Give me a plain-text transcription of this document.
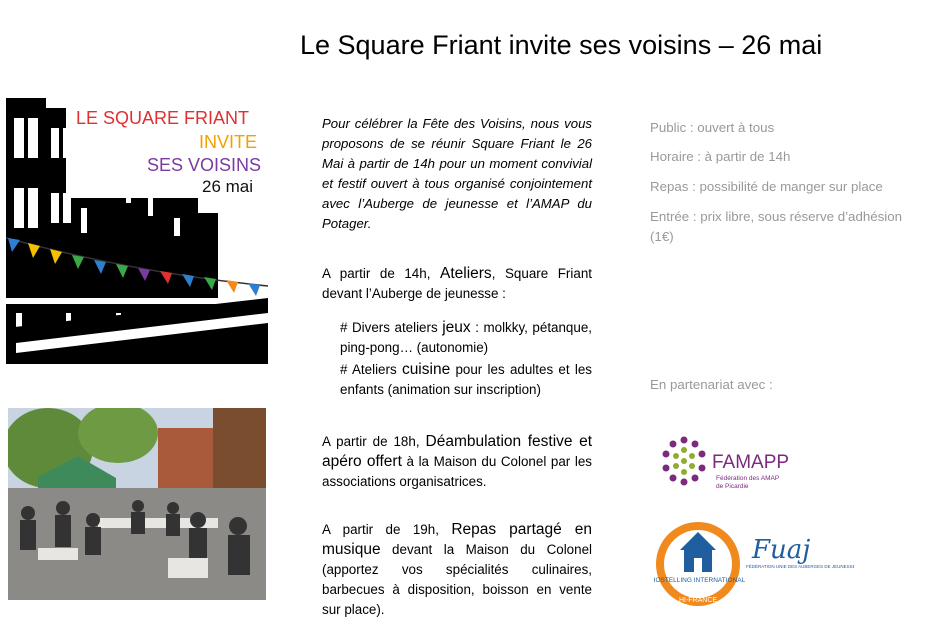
Le Square Friant invite ses voisins – 26 mai
LE SQUARE FRIANT
INVITE
SES VOISINS
26 mai
Pour célébrer la Fête des Voisins, nous vous proposons de se réunir Square Friant le 26 Mai à partir de 14h pour un moment convivial et festif ouvert à tous organisé conjointement avec l’Auberge de jeunesse et l’AMAP du Potager.
A partir de 14h, Ateliers, Square Friant devant l’Auberge de jeunesse :
# Divers ateliers jeux : molkky, pétanque, ping-pong… (autonomie)
# Ateliers cuisine pour les adultes et les enfants (animation sur inscription)
A partir de 18h, Déambulation festive et apéro offert à la Maison du Colonel par les associations organisatrices.
A partir de 19h, Repas partagé en musique devant la Maison du Colonel (apportez vos spécialités culinaires, barbecues à disposition, boisson en vente sur place).
Public : ouvert à tous
Horaire : à partir de 14h
Repas : possibilité de manger sur place
Entrée : prix libre, sous réserve d’adhésion (1€)
En partenariat avec :
FAMAPP
Fédération des AMAP
de Picardie
HOSTELLING INTERNATIONAL
HI-FRANCE
Fuaj
FÉDÉRATION UNIE DES AUBERGES DE JEUNESSE
